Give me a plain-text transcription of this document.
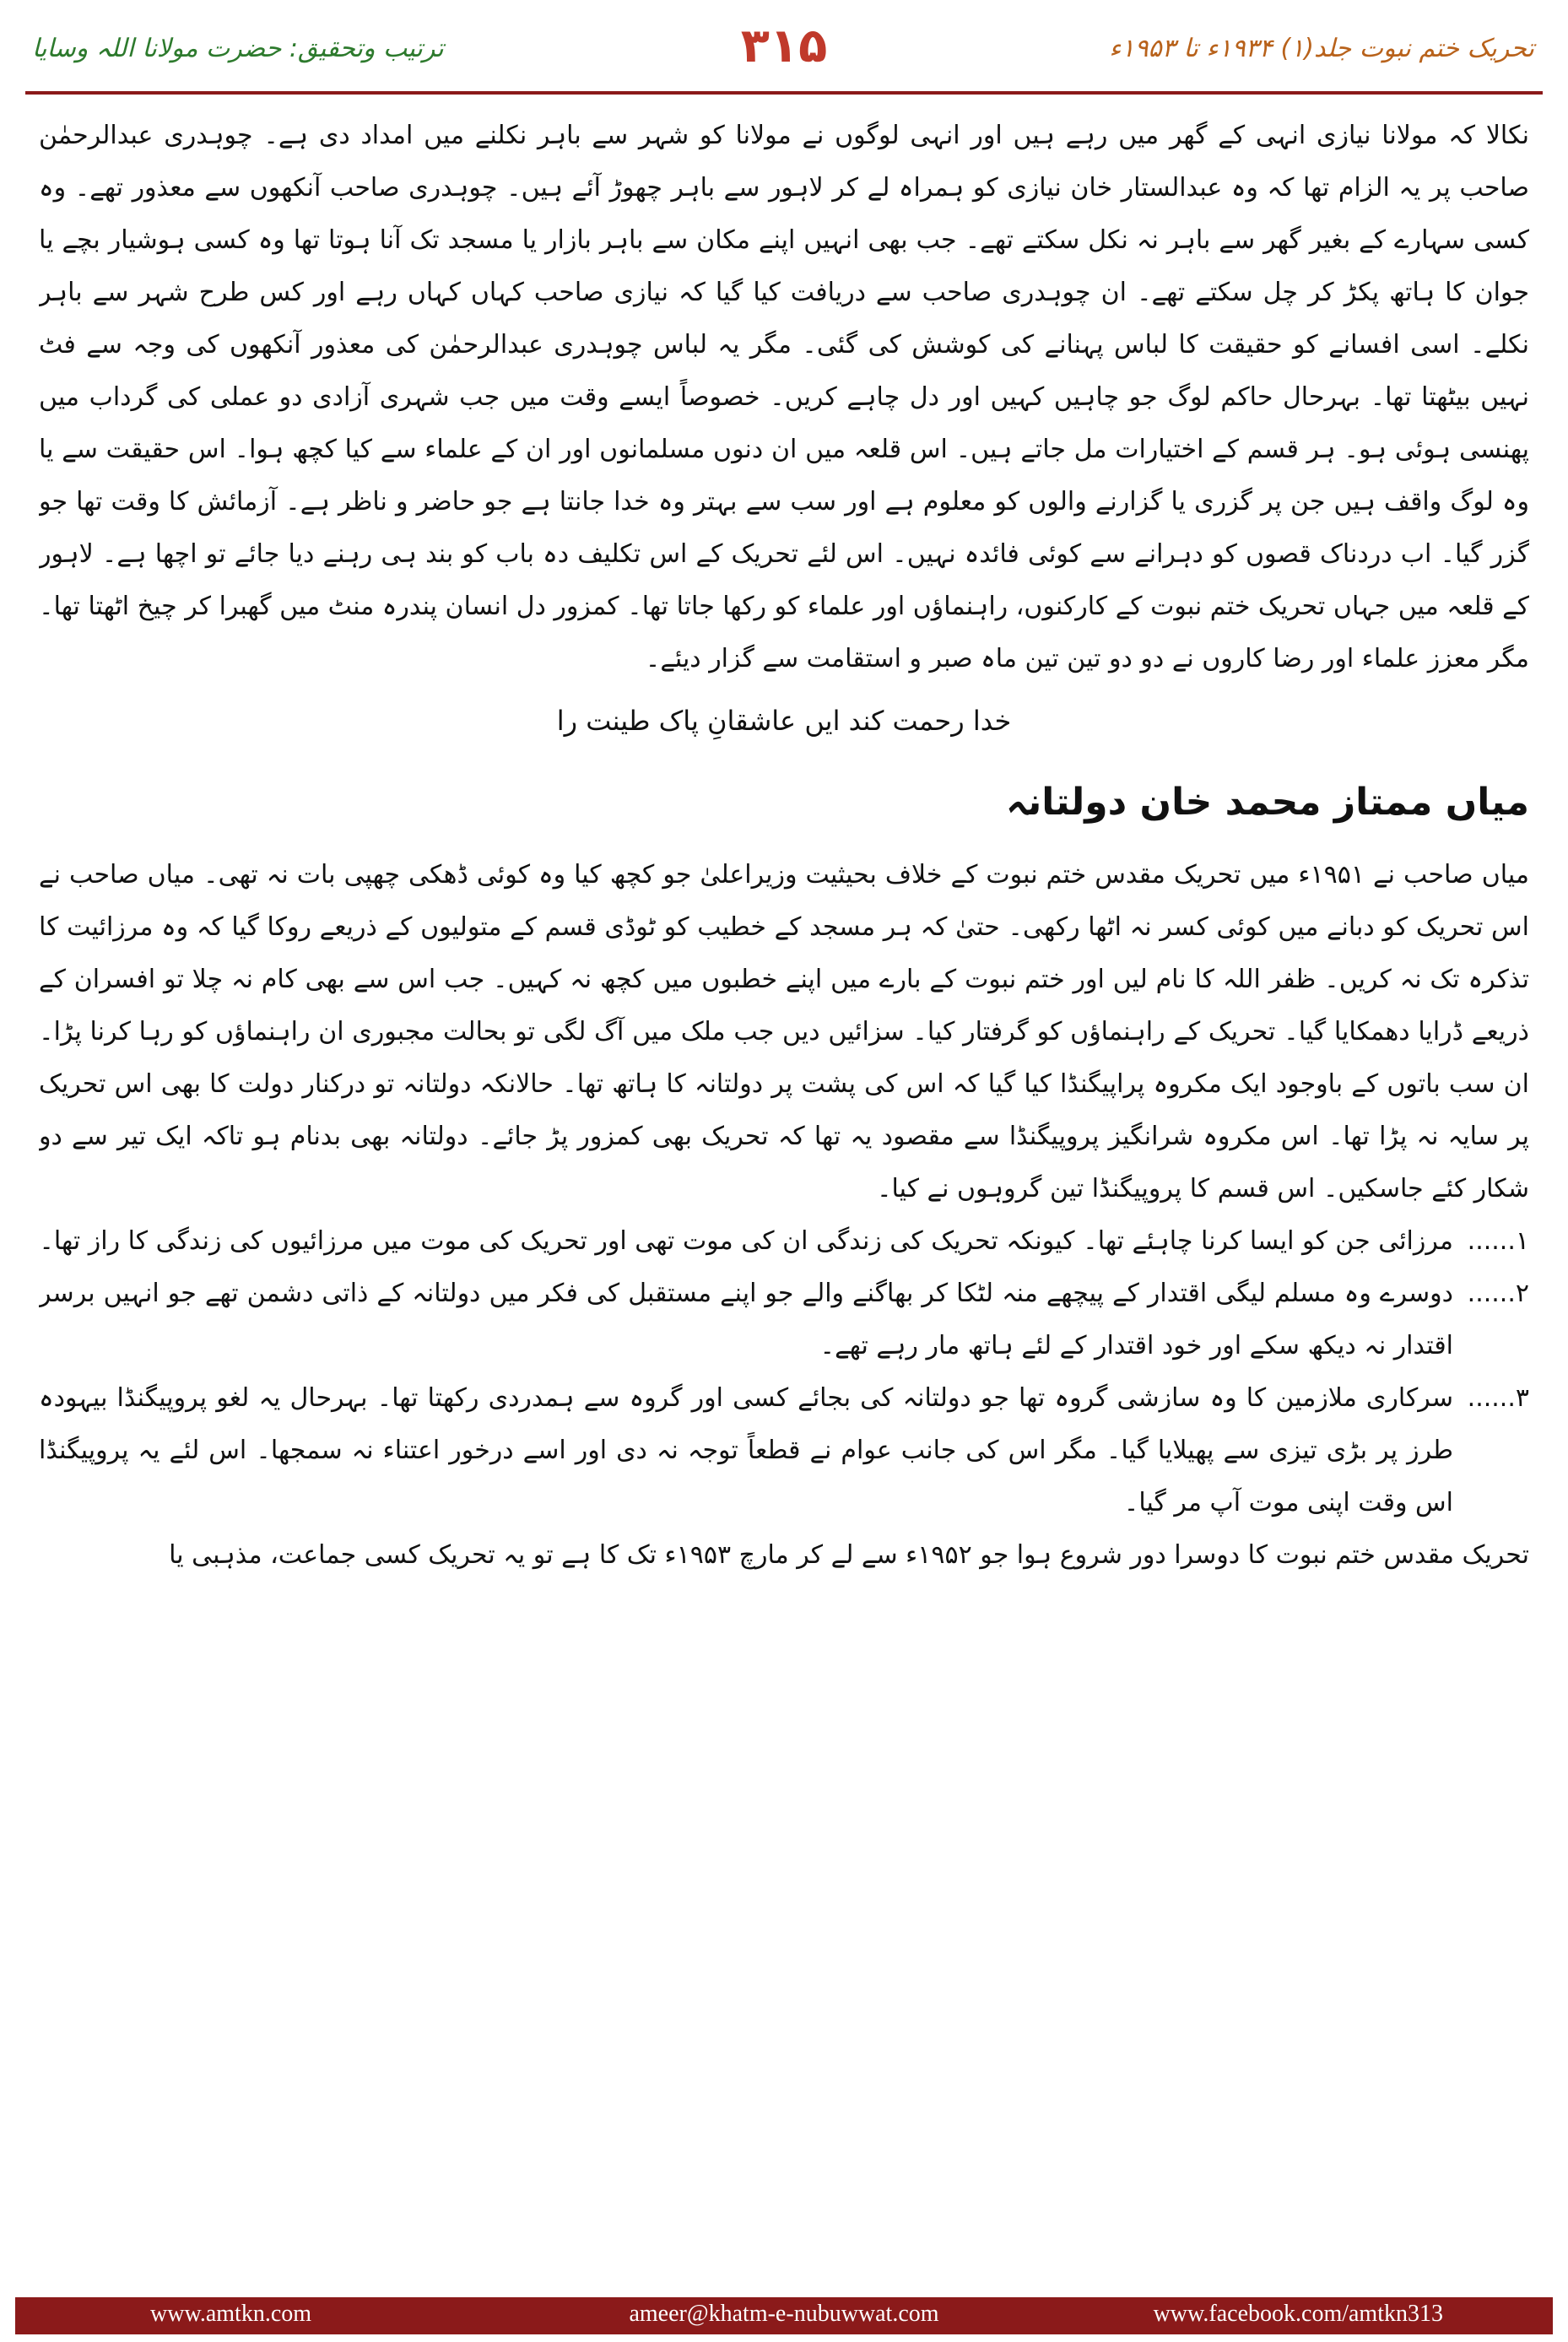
ترتیب وتحقیق: حضرت مولانا اللہ وسایا	۳۱۵	تحریک ختم نبوت جلد(۱) ۱۹۳۴ء تا ۱۹۵۳ء

نکالا کہ مولانا نیازی انہی کے گھر میں رہے ہیں اور انہی لوگوں نے مولانا کو شہر سے باہر نکلنے میں امداد دی ہے۔ چوہدری عبدالرحمٰن صاحب پر یہ الزام تھا کہ وہ عبدالستار خان نیازی کو ہمراہ لے کر لاہور سے باہر چھوڑ آئے ہیں۔ چوہدری صاحب آنکھوں سے معذور تھے۔ وہ کسی سہارے کے بغیر گھر سے باہر نہ نکل سکتے تھے۔ جب بھی انہیں اپنے مکان سے باہر بازار یا مسجد تک آنا ہوتا تھا وہ کسی ہوشیار بچے یا جوان کا ہاتھ پکڑ کر چل سکتے تھے۔ ان چوہدری صاحب سے دریافت کیا گیا کہ نیازی صاحب کہاں کہاں رہے اور کس طرح شہر سے باہر نکلے۔ اسی افسانے کو حقیقت کا لباس پہنانے کی کوشش کی گئی۔ مگر یہ لباس چوہدری عبدالرحمٰن کی معذور آنکھوں کی وجہ سے فٹ نہیں بیٹھتا تھا۔ بہرحال حاکم لوگ جو چاہیں کہیں اور دل چاہے کریں۔ خصوصاً ایسے وقت میں جب شہری آزادی دو عملی کی گرداب میں پھنسی ہوئی ہو۔ ہر قسم کے اختیارات مل جاتے ہیں۔ اس قلعہ میں ان دنوں مسلمانوں اور ان کے علماء سے کیا کچھ ہوا۔ اس حقیقت سے یا وہ لوگ واقف ہیں جن پر گزری یا گزارنے والوں کو معلوم ہے اور سب سے بہتر وہ خدا جانتا ہے جو حاضر و ناظر ہے۔ آزمائش کا وقت تھا جو گزر گیا۔ اب دردناک قصوں کو دہرانے سے کوئی فائدہ نہیں۔ اس لئے تحریک کے اس تکلیف دہ باب کو بند ہی رہنے دیا جائے تو اچھا ہے۔ لاہور کے قلعہ میں جہاں تحریک ختم نبوت کے کارکنوں، راہنماؤں اور علماء کو رکھا جاتا تھا۔ کمزور دل انسان پندرہ منٹ میں گھبرا کر چیخ اٹھتا تھا۔ مگر معزز علماء اور رضا کاروں نے دو دو تین تین ماہ صبر و استقامت سے گزار دیئے۔

خدا رحمت کند ایں عاشقانِ پاک طینت را

میاں ممتاز محمد خان دولتانہ

میاں صاحب نے ۱۹۵۱ء میں تحریک مقدس ختم نبوت کے خلاف بحیثیت وزیراعلیٰ جو کچھ کیا وہ کوئی ڈھکی چھپی بات نہ تھی۔ میاں صاحب نے اس تحریک کو دبانے میں کوئی کسر نہ اٹھا رکھی۔ حتیٰ کہ ہر مسجد کے خطیب کو ٹوڈی قسم کے متولیوں کے ذریعے روکا گیا کہ وہ مرزائیت کا تذکرہ تک نہ کریں۔ ظفر اللہ کا نام لیں اور ختم نبوت کے بارے میں اپنے خطبوں میں کچھ نہ کہیں۔ جب اس سے بھی کام نہ چلا تو افسران کے ذریعے ڈرایا دھمکایا گیا۔ تحریک کے راہنماؤں کو گرفتار کیا۔ سزائیں دیں جب ملک میں آگ لگی تو بحالت مجبوری ان راہنماؤں کو رہا کرنا پڑا۔ ان سب باتوں کے باوجود ایک مکروہ پراپیگنڈا کیا گیا کہ اس کی پشت پر دولتانہ کا ہاتھ تھا۔ حالانکہ دولتانہ تو درکنار دولت کا بھی اس تحریک پر سایہ نہ پڑا تھا۔ اس مکروہ شرانگیز پروپیگنڈا سے مقصود یہ تھا کہ تحریک بھی کمزور پڑ جائے۔ دولتانہ بھی بدنام ہو تاکہ ایک تیر سے دو شکار کئے جاسکیں۔ اس قسم کا پروپیگنڈا تین گروہوں نے کیا۔

۱......
مرزائی جن کو ایسا کرنا چاہئے تھا۔ کیونکہ تحریک کی زندگی ان کی موت تھی اور تحریک کی موت میں مرزائیوں کی زندگی کا راز تھا۔
۲......
دوسرے وہ مسلم لیگی اقتدار کے پیچھے منہ لٹکا کر بھاگنے والے جو اپنے مستقبل کی فکر میں دولتانہ کے ذاتی دشمن تھے جو انہیں برسر اقتدار نہ دیکھ سکے اور خود اقتدار کے لئے ہاتھ مار رہے تھے۔
۳......
سرکاری ملازمین کا وہ سازشی گروہ تھا جو دولتانہ کی بجائے کسی اور گروہ سے ہمدردی رکھتا تھا۔ بہرحال یہ لغو پروپیگنڈا بیہودہ طرز پر بڑی تیزی سے پھیلایا گیا۔ مگر اس کی جانب عوام نے قطعاً توجہ نہ دی اور اسے درخور اعتناء نہ سمجھا۔ اس لئے یہ پروپیگنڈا اس وقت اپنی موت آپ مر گیا۔

تحریک مقدس ختم نبوت کا دوسرا دور شروع ہوا جو ۱۹۵۲ء سے لے کر مارچ ۱۹۵۳ء تک کا ہے تو یہ تحریک کسی جماعت، مذہبی یا

www.amtkn.com	ameer@khatm-e-nubuwwat.com	www.facebook.com/amtkn313
